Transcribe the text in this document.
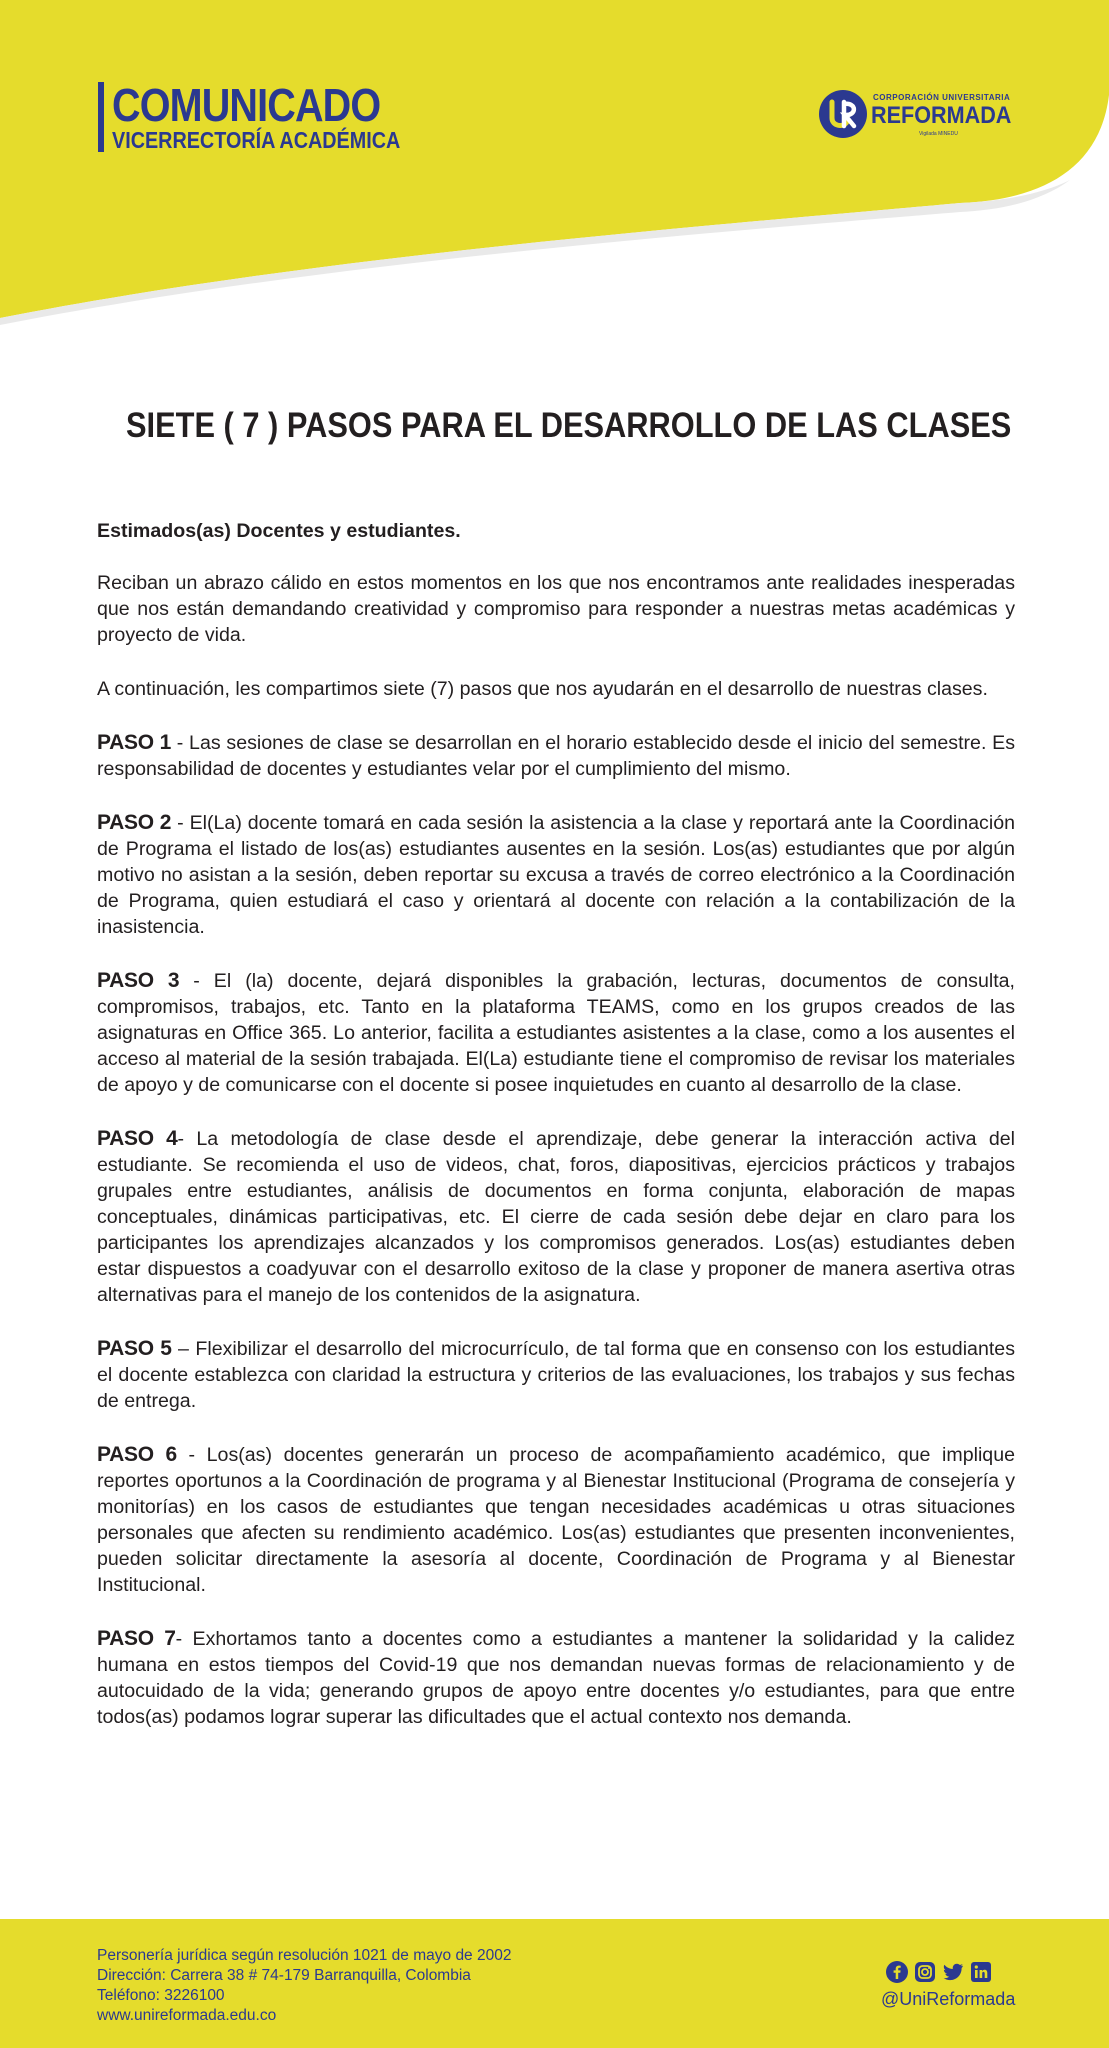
COMUNICADO
VICERRECTORÍA ACADÉMICA
CORPORACIÓN UNIVERSITARIA
REFORMADA
Vigilada MINEDU
SIETE ( 7 ) PASOS PARA EL DESARROLLO DE LAS CLASES

Estimados(as) Docentes y estudiantes.

Reciban un abrazo cálido en estos momentos en los que nos encontramos ante realidades inesperadas que nos están demandando creatividad y compromiso para responder a nuestras metas académicas y proyecto de vida.

A continuación, les compartimos siete (7) pasos que nos ayudarán en el desarrollo de nuestras clases.

PASO 1 - Las sesiones de clase se desarrollan en el horario establecido desde el inicio del semestre. Es responsabilidad de docentes y estudiantes velar por el cumplimiento del mismo.

PASO 2 - El(La) docente tomará en cada sesión la asistencia a la clase y reportará ante la Coordinación de Programa el listado de los(as) estudiantes ausentes en la sesión. Los(as) estudiantes que por algún motivo no asistan a la sesión, deben reportar su excusa a través de correo electrónico a la Coordinación de Programa, quien estudiará el caso y orientará al docente con relación a la contabilización de la inasistencia.

PASO 3 - El (la) docente, dejará disponibles la grabación, lecturas, documentos de consulta, compromisos, trabajos, etc. Tanto en la plataforma TEAMS, como en los grupos creados de las asignaturas en Office 365. Lo anterior, facilita a estudiantes asistentes a la clase, como a los ausentes el acceso al material de la sesión trabajada. El(La) estudiante tiene el compromiso de revisar los materiales de apoyo y de comunicarse con el docente si posee inquietudes en cuanto al desarrollo de la clase.

PASO 4- La metodología de clase desde el aprendizaje, debe generar la interacción activa del estudiante. Se recomienda el uso de videos, chat, foros, diapositivas, ejercicios prácticos y trabajos grupales entre estudiantes, análisis de documentos en forma conjunta, elaboración de mapas conceptuales, dinámicas participativas, etc. El cierre de cada sesión debe dejar en claro para los participantes los aprendizajes alcanzados y los compromisos generados. Los(as) estudiantes deben estar dispuestos a coadyuvar con el desarrollo exitoso de la clase y proponer de manera asertiva otras alternativas para el manejo de los contenidos de la asignatura.

PASO 5 – Flexibilizar el desarrollo del microcurrículo, de tal forma que en consenso con los estudiantes el docente establezca con claridad la estructura y criterios de las evaluaciones, los trabajos y sus fechas de entrega.

PASO 6 - Los(as) docentes generarán un proceso de acompañamiento académico, que implique reportes oportunos a la Coordinación de programa y al Bienestar Institucional (Programa de consejería y monitorías) en los casos de estudiantes que tengan necesidades académicas u otras situaciones personales que afecten su rendimiento académico. Los(as) estudiantes que presenten inconvenientes, pueden solicitar directamente la asesoría al docente, Coordinación de Programa y al Bienestar Institucional.

PASO 7- Exhortamos tanto a docentes como a estudiantes a mantener la solidaridad y la calidez humana en estos tiempos del Covid-19 que nos demandan nuevas formas de relacionamiento y de autocuidado de la vida; generando grupos de apoyo entre docentes y/o estudiantes, para que entre todos(as) podamos lograr superar las dificultades que el actual contexto nos demanda.

Personería jurídica según resolución 1021 de mayo de 2002
Dirección: Carrera 38 # 74-179 Barranquilla, Colombia
Teléfono: 3226100
www.unireformada.edu.co
@UniReformada
